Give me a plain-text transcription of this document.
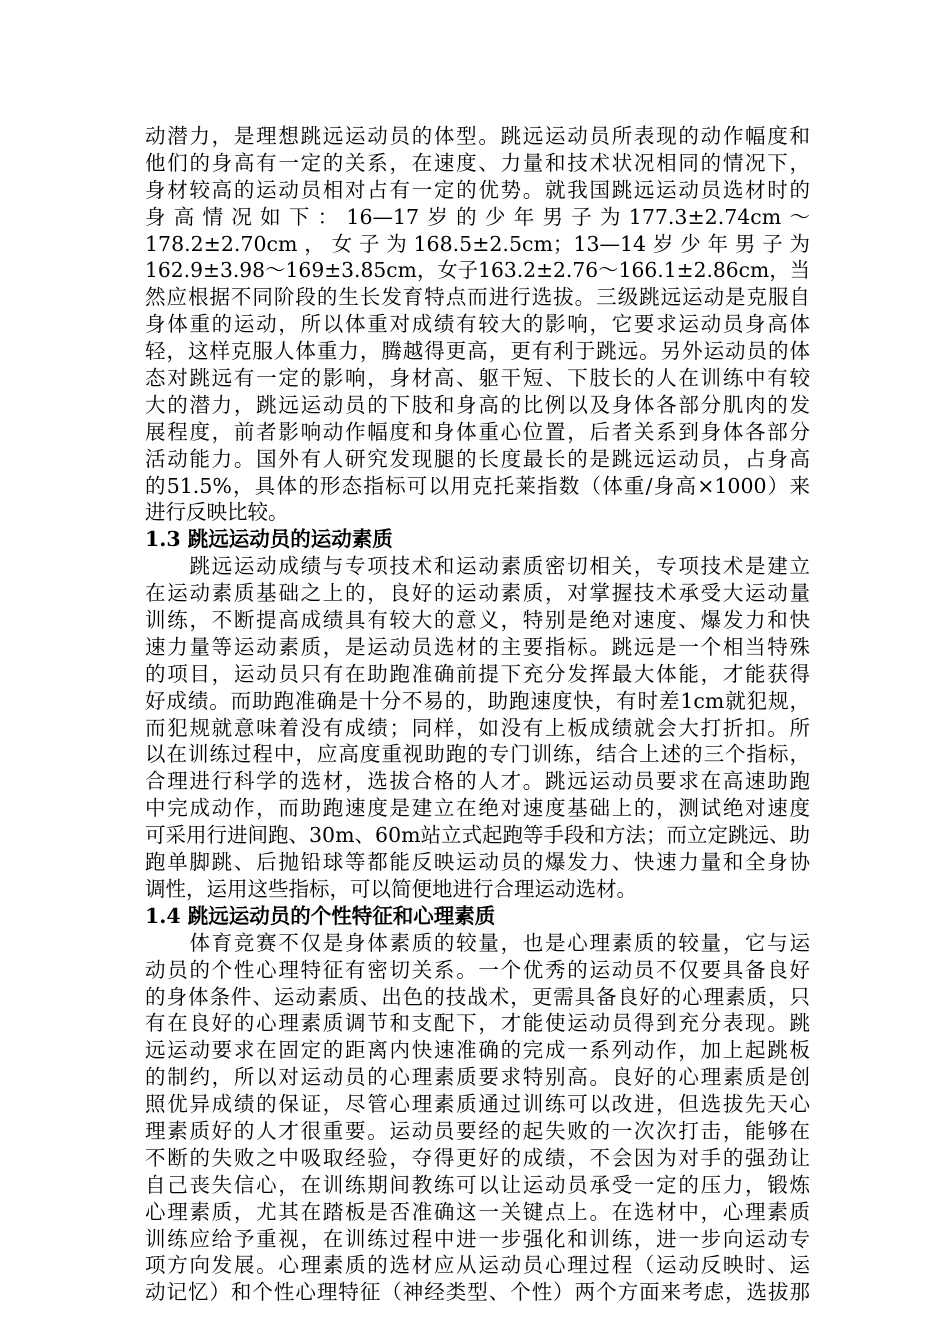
动潜力，是理想跳远运动员的体型。跳远运动员所表现的动作幅度和
他们的身高有一定的关系，在速度、力量和技术状况相同的情况下，
身材较高的运动员相对占有一定的优势。就我国跳远运动员选材时的
身高情况如下：16—17岁的少年男子为177.3±2.74cm～
178.2±2.70cm，女子为168.5±2.5cm；13—14岁少年男子为
162.9±3.98～169±3.85cm，女子163.2±2.76～166.1±2.86cm，当
然应根据不同阶段的生长发育特点而进行选拔。三级跳远运动是克服自
身体重的运动，所以体重对成绩有较大的影响，它要求运动员身高体
轻，这样克服人体重力，腾越得更高，更有利于跳远。另外运动员的体
态对跳远有一定的影响，身材高、躯干短、下肢长的人在训练中有较
大的潜力，跳远运动员的下肢和身高的比例以及身体各部分肌肉的发
展程度，前者影响动作幅度和身体重心位置，后者关系到身体各部分
活动能力。国外有人研究发现腿的长度最长的是跳远运动员，占身高
的51.5%，具体的形态指标可以用克托莱指数（体重/身高×1000）来
进行反映比较。
1.3 跳远运动员的运动素质
　　跳远运动成绩与专项技术和运动素质密切相关，专项技术是建立
在运动素质基础之上的，良好的运动素质，对掌握技术承受大运动量
训练，不断提高成绩具有较大的意义，特别是绝对速度、爆发力和快
速力量等运动素质，是运动员选材的主要指标。跳远是一个相当特殊
的项目，运动员只有在助跑准确前提下充分发挥最大体能，才能获得
好成绩。而助跑准确是十分不易的，助跑速度快，有时差1cm就犯规，
而犯规就意味着没有成绩；同样，如没有上板成绩就会大打折扣。所
以在训练过程中，应高度重视助跑的专门训练，结合上述的三个指标，
合理进行科学的选材，选拔合格的人才。跳远运动员要求在高速助跑
中完成动作，而助跑速度是建立在绝对速度基础上的，测试绝对速度
可采用行进间跑、30m、60m站立式起跑等手段和方法；而立定跳远、助
跑单脚跳、后抛铅球等都能反映运动员的爆发力、快速力量和全身协
调性，运用这些指标，可以简便地进行合理运动选材。
1.4 跳远运动员的个性特征和心理素质
　　体育竞赛不仅是身体素质的较量，也是心理素质的较量，它与运
动员的个性心理特征有密切关系。一个优秀的运动员不仅要具备良好
的身体条件、运动素质、出色的技战术，更需具备良好的心理素质，只
有在良好的心理素质调节和支配下，才能使运动员得到充分表现。跳
远运动要求在固定的距离内快速准确的完成一系列动作，加上起跳板
的制约，所以对运动员的心理素质要求特别高。良好的心理素质是创
照优异成绩的保证，尽管心理素质通过训练可以改进，但选拔先天心
理素质好的人才很重要。运动员要经的起失败的一次次打击，能够在
不断的失败之中吸取经验，夺得更好的成绩，不会因为对手的强劲让
自己丧失信心，在训练期间教练可以让运动员承受一定的压力，锻炼
心理素质，尤其在踏板是否准确这一关键点上。在选材中，心理素质
训练应给予重视，在训练过程中进一步强化和训练，进一步向运动专
项方向发展。心理素质的选材应从运动员心理过程（运动反映时、运
动记忆）和个性心理特征（神经类型、个性）两个方面来考虑，选拔那
